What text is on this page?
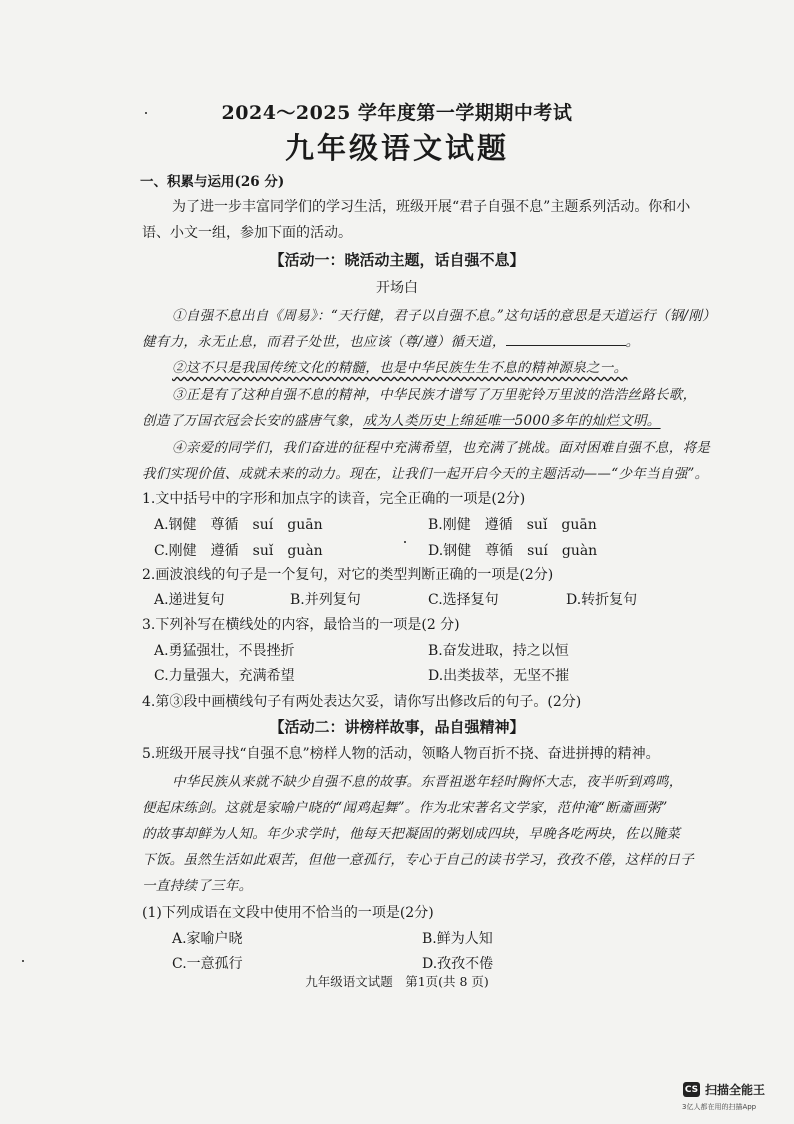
2024～2025 学年度第一学期期中考试
九年级语文试题
一、积累与运用(26 分)
为了进一步丰富同学们的学习生活，班级开展“君子自强不息”主题系列活动。你和小
语、小文一组，参加下面的活动。
【活动一：晓活动主题，话自强不息】
开场白
①自强不息出自《周易》：“天行健，君子以自强不息。”这句话的意思是天道运行（钢/刚）
健有力，永无止息，而君子处世，也应该（尊/遵）循天道，	。
②这不只是我国传统文化的精髓，也是中华民族生生不息的精神源泉之一。
③正是有了这种自强不息的精神，中华民族才谱写了万里驼铃万里波的浩浩丝路长歌，
创造了万国衣冠会长安的盛唐气象，成为人类历史上绵延唯一5000多年的灿烂文明。
④亲爱的同学们，我们奋进的征程中充满希望，也充满了挑战。面对困难自强不息，将是
我们实现价值、成就未来的动力。现在，让我们一起开启今天的主题活动——“少年当自强”。
1.文中括号中的字形和加点字的读音，完全正确的一项是(2分)
A.钢健　尊循　suí　guān	B.刚健　遵循　suǐ　guān
C.刚健　遵循　suǐ　guàn	D.钢健　尊循　suí　guàn
2.画波浪线的句子是一个复句，对它的类型判断正确的一项是(2分)
A.递进复句	B.并列复句	C.选择复句	D.转折复句
3.下列补写在横线处的内容，最恰当的一项是(2 分)
A.勇猛强壮，不畏挫折	B.奋发进取，持之以恒
C.力量强大，充满希望	D.出类拔萃，无坚不摧
4.第③段中画横线句子有两处表达欠妥，请你写出修改后的句子。(2分)
【活动二：讲榜样故事，品自强精神】
5.班级开展寻找“自强不息”榜样人物的活动，领略人物百折不挠、奋进拼搏的精神。
中华民族从来就不缺少自强不息的故事。东晋祖逖年轻时胸怀大志，夜半听到鸡鸣，
便起床练剑。这就是家喻户晓的“闻鸡起舞”。作为北宋著名文学家，范仲淹“断齑画粥”
的故事却鲜为人知。年少求学时，他每天把凝固的粥划成四块，早晚各吃两块，佐以腌菜
下饭。虽然生活如此艰苦，但他一意孤行，专心于自己的读书学习，孜孜不倦，这样的日子
一直持续了三年。
(1)下列成语在文段中使用不恰当的一项是(2分)
A.家喻户晓	B.鲜为人知
C.一意孤行	D.孜孜不倦
九年级语文试题　第1页(共 8 页)
CS 扫描全能王
3亿人都在用的扫描App
